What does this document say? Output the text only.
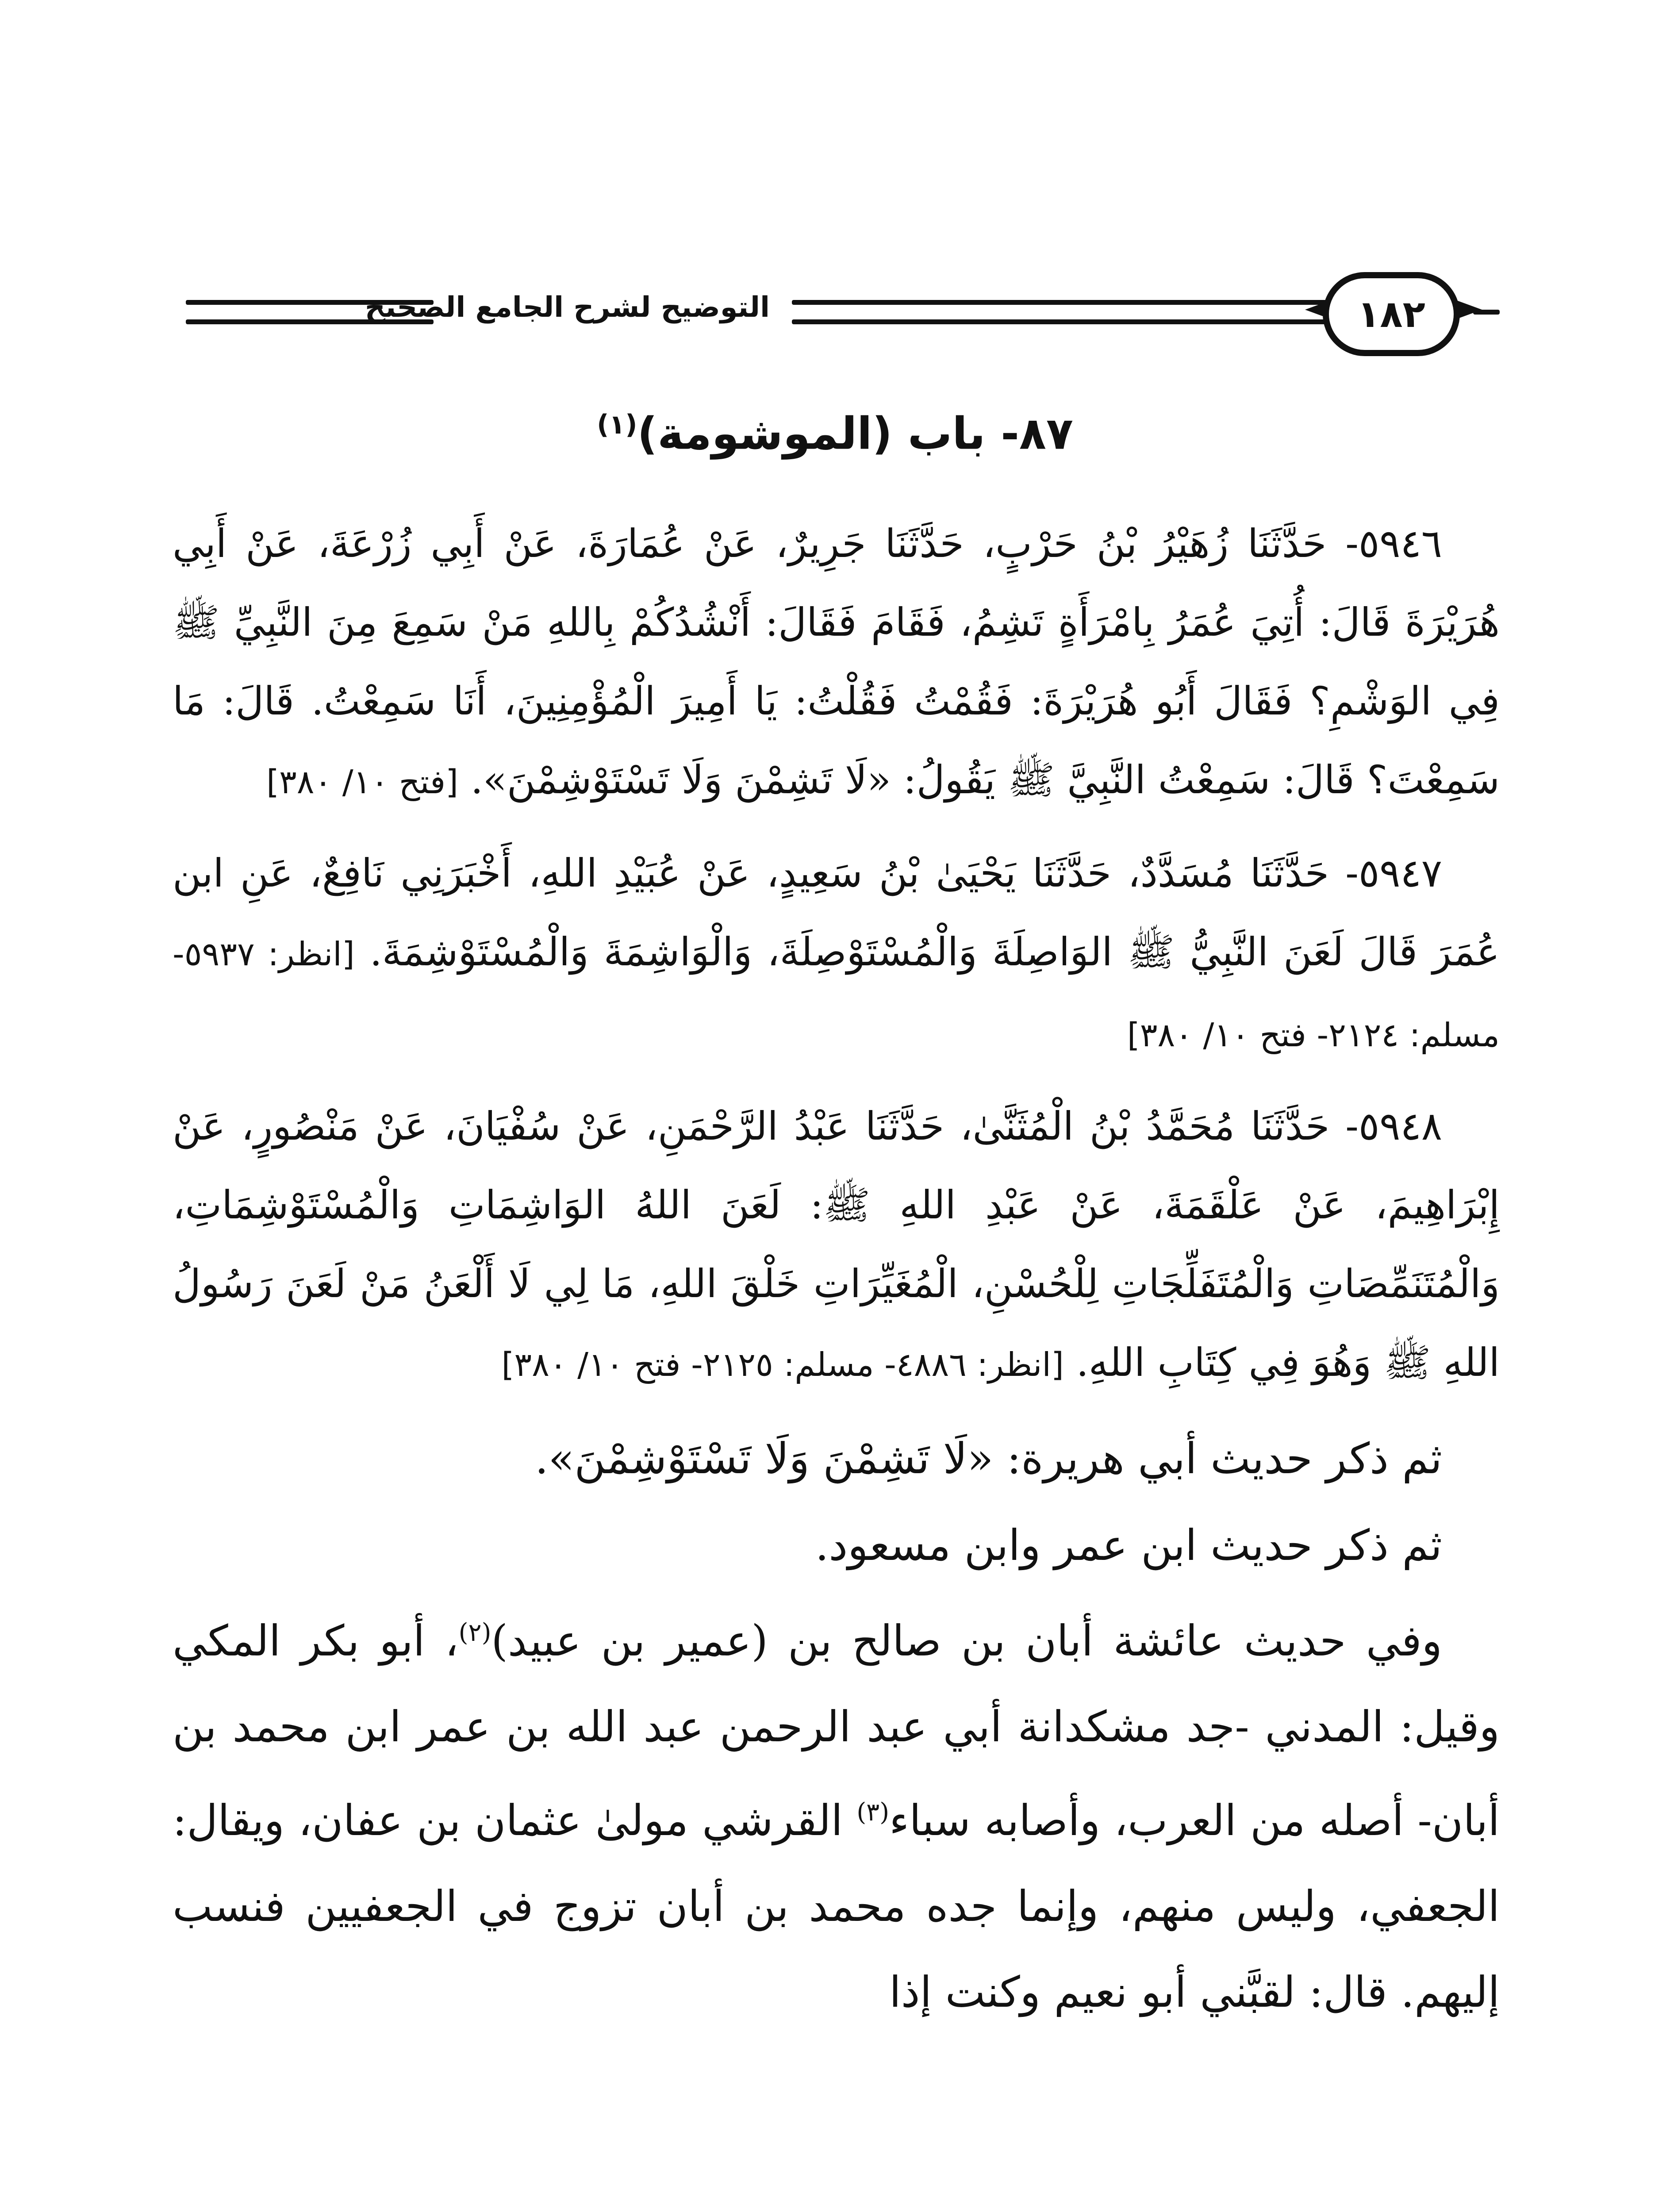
التوضيح لشرح الجامع الصحيح	١٨٢
٨٧- باب (الموشومة)$^{(١)}$

٥٩٤٦- حَدَّثَنَا زُهَيْرُ بْنُ حَرْبٍ، حَدَّثَنَا جَرِيرٌ، عَنْ عُمَارَةَ، عَنْ أَبِي زُرْعَةَ، عَنْ أَبِي هُرَيْرَةَ قَالَ: أُتِيَ عُمَرُ بِامْرَأَةٍ تَشِمُ، فَقَامَ فَقَالَ: أَنْشُدُكُمْ بِاللهِ مَنْ سَمِعَ مِنَ النَّبِيِّ ﷺ فِي الوَشْمِ؟ فَقَالَ أَبُو هُرَيْرَةَ: فَقُمْتُ فَقُلْتُ: يَا أَمِيرَ الْمُؤْمِنِينَ، أَنَا سَمِعْتُ. قَالَ: مَا سَمِعْتَ؟ قَالَ: سَمِعْتُ النَّبِيَّ ﷺ يَقُولُ: «لَا تَشِمْنَ وَلَا تَسْتَوْشِمْنَ». [فتح ١٠/ ٣٨٠]

٥٩٤٧- حَدَّثَنَا مُسَدَّدٌ، حَدَّثَنَا يَحْيَىٰ بْنُ سَعِيدٍ، عَنْ عُبَيْدِ اللهِ، أَخْبَرَنِي نَافِعٌ، عَنِ ابن عُمَرَ قَالَ لَعَنَ النَّبِيُّ ﷺ الوَاصِلَةَ وَالْمُسْتَوْصِلَةَ، وَالْوَاشِمَةَ وَالْمُسْتَوْشِمَةَ. [انظر: ٥٩٣٧- مسلم: ٢١٢٤- فتح ١٠/ ٣٨٠]

٥٩٤٨- حَدَّثَنَا مُحَمَّدُ بْنُ الْمُثَنَّىٰ، حَدَّثَنَا عَبْدُ الرَّحْمَنِ، عَنْ سُفْيَانَ، عَنْ مَنْصُورٍ، عَنْ إِبْرَاهِيمَ، عَنْ عَلْقَمَةَ، عَنْ عَبْدِ اللهِ ﷺ: لَعَنَ اللهُ الوَاشِمَاتِ وَالْمُسْتَوْشِمَاتِ، وَالْمُتَنَمِّصَاتِ وَالْمُتَفَلِّجَاتِ لِلْحُسْنِ، الْمُغَيِّرَاتِ خَلْقَ اللهِ، مَا لِي لَا أَلْعَنُ مَنْ لَعَنَ رَسُولُ اللهِ ﷺ وَهُوَ فِي كِتَابِ اللهِ. [انظر: ٤٨٨٦- مسلم: ٢١٢٥- فتح ١٠/ ٣٨٠]

ثم ذكر حديث أبي هريرة: «لَا تَشِمْنَ وَلَا تَسْتَوْشِمْنَ».

ثم ذكر حديث ابن عمر وابن مسعود.

وفي حديث عائشة أبان بن صالح بن (عمير بن عبيد)$^{(٢)}$، أبو بكر المكي وقيل: المدني -جد مشكدانة أبي عبد الرحمن عبد الله بن عمر ابن محمد بن أبان- أصله من العرب، وأصابه سباء$^{(٣)}$ القرشي مولىٰ عثمان بن عفان، ويقال: الجعفي، وليس منهم، وإنما جده محمد بن أبان تزوج في الجعفيين فنسب إليهم. قال: لقبَّني أبو نعيم وكنت إذا
